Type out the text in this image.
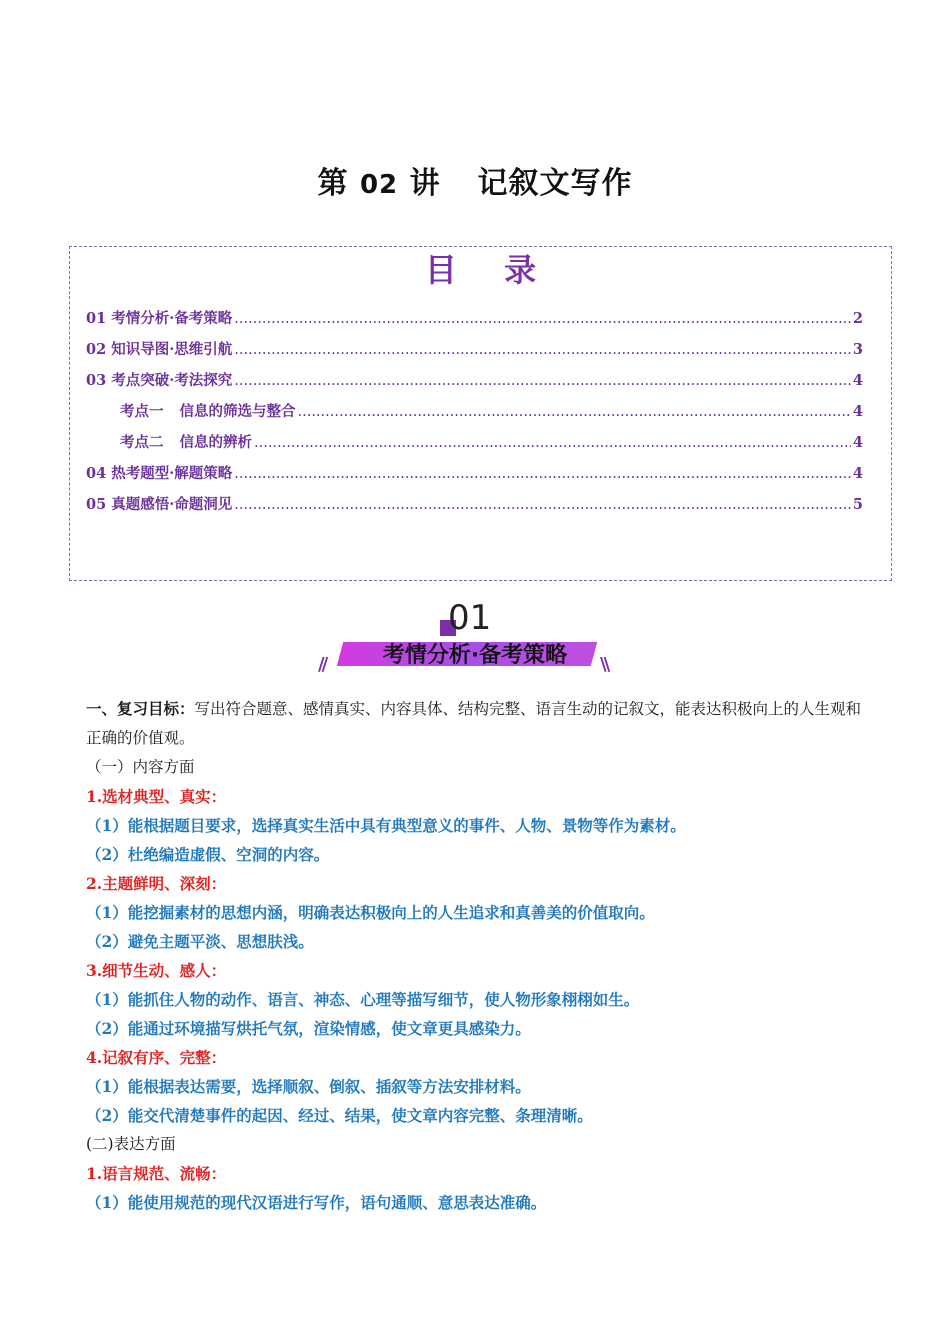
第 02 讲 记叙文写作
目 录
01 考情分析·备考策略 .....	2
02 知识导图·思维引航 .....	3
03 考点突破·考法探究 .....	4
考点一 信息的筛选与整合 .....	4
考点二 信息的辨析 .....	4
04 热考题型·解题策略 .....	4
05 真题感悟·命题洞见 .....	5
01
//	\\
考情分析·备考策略

一、复习目标：写出符合题意、感情真实、内容具体、结构完整、语言生动的记叙文，能表达积极向上的人生观和正确的价值观。

（一）内容方面

1.选材典型、真实：

（1）能根据题目要求，选择真实生活中具有典型意义的事件、人物、景物等作为素材。

（2）杜绝编造虚假、空洞的内容。

2.主题鲜明、深刻：

（1）能挖掘素材的思想内涵，明确表达积极向上的人生追求和真善美的价值取向。

（2）避免主题平淡、思想肤浅。

3.细节生动、感人：

（1）能抓住人物的动作、语言、神态、心理等描写细节，使人物形象栩栩如生。

（2）能通过环境描写烘托气氛，渲染情感，使文章更具感染力。

4.记叙有序、完整：

（1）能根据表达需要，选择顺叙、倒叙、插叙等方法安排材料。

（2）能交代清楚事件的起因、经过、结果，使文章内容完整、条理清晰。

(二)表达方面

1.语言规范、流畅：

（1）能使用规范的现代汉语进行写作，语句通顺、意思表达准确。
